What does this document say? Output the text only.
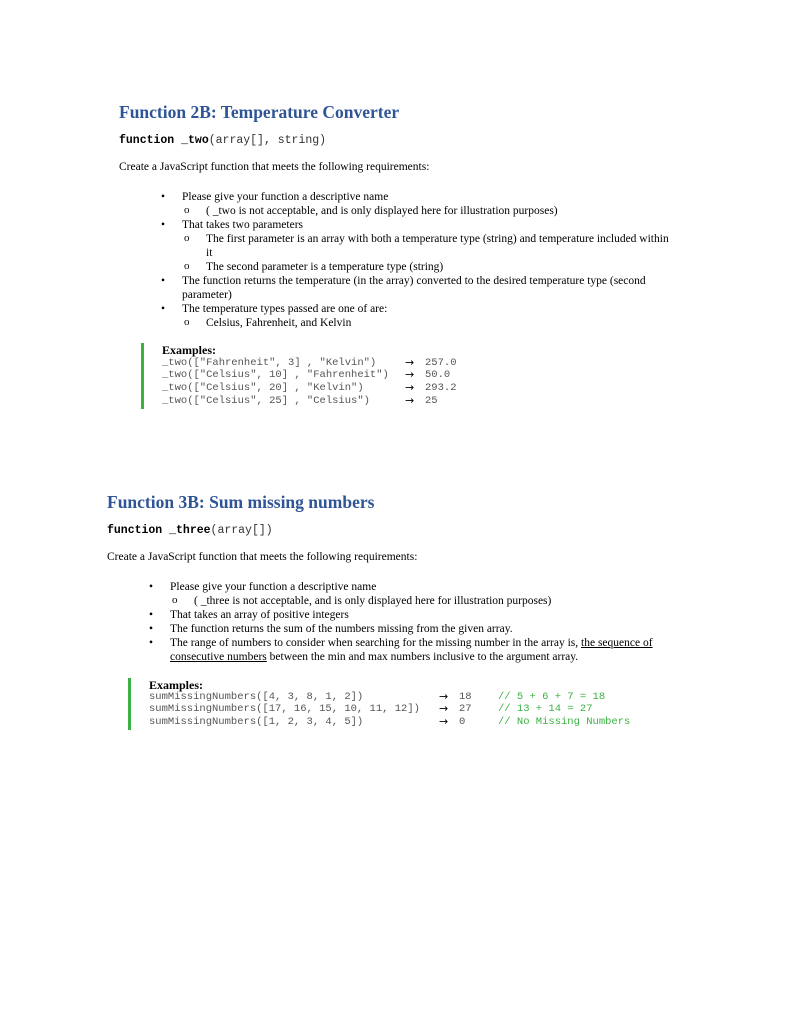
Function 2B: Temperature Converter
function _two(array[], string)
Create a JavaScript function that meets the following requirements:
• Please give your function a descriptive name
o ( _two is not acceptable, and is only displayed here for illustration purposes)
• That takes two parameters
o The first parameter is an array with both a temperature type (string) and temperature included within it
o The second parameter is a temperature type (string)
• The function returns the temperature (in the array) converted to the desired temperature type (second parameter)
• The temperature types passed are one of are:
o Celsius, Fahrenheit, and Kelvin
Examples:
_two(["Fahrenheit", 3] , "Kelvin")	→ 257.0
_two(["Celsius", 10] , "Fahrenheit") → 50.0
_two(["Celsius", 20] , "Kelvin")	→ 293.2
_two(["Celsius", 25] , "Celsius")	→ 25
Function 3B: Sum missing numbers
function _three(array[])
Create a JavaScript function that meets the following requirements:
• Please give your function a descriptive name
o ( _three is not acceptable, and is only displayed here for illustration purposes)
• That takes an array of positive integers
• The function returns the sum of the numbers missing from the given array.
• The range of numbers to consider when searching for the missing number in the array is, the sequence of consecutive numbers between the min and max numbers inclusive to the argument array.
Examples:
sumMissingNumbers([4, 3, 8, 1, 2])	→ 18	// 5 + 6 + 7 = 18
sumMissingNumbers([17, 16, 15, 10, 11, 12]) → 27	// 13 + 14 = 27
sumMissingNumbers([1, 2, 3, 4, 5])	→ 0	// No Missing Numbers
